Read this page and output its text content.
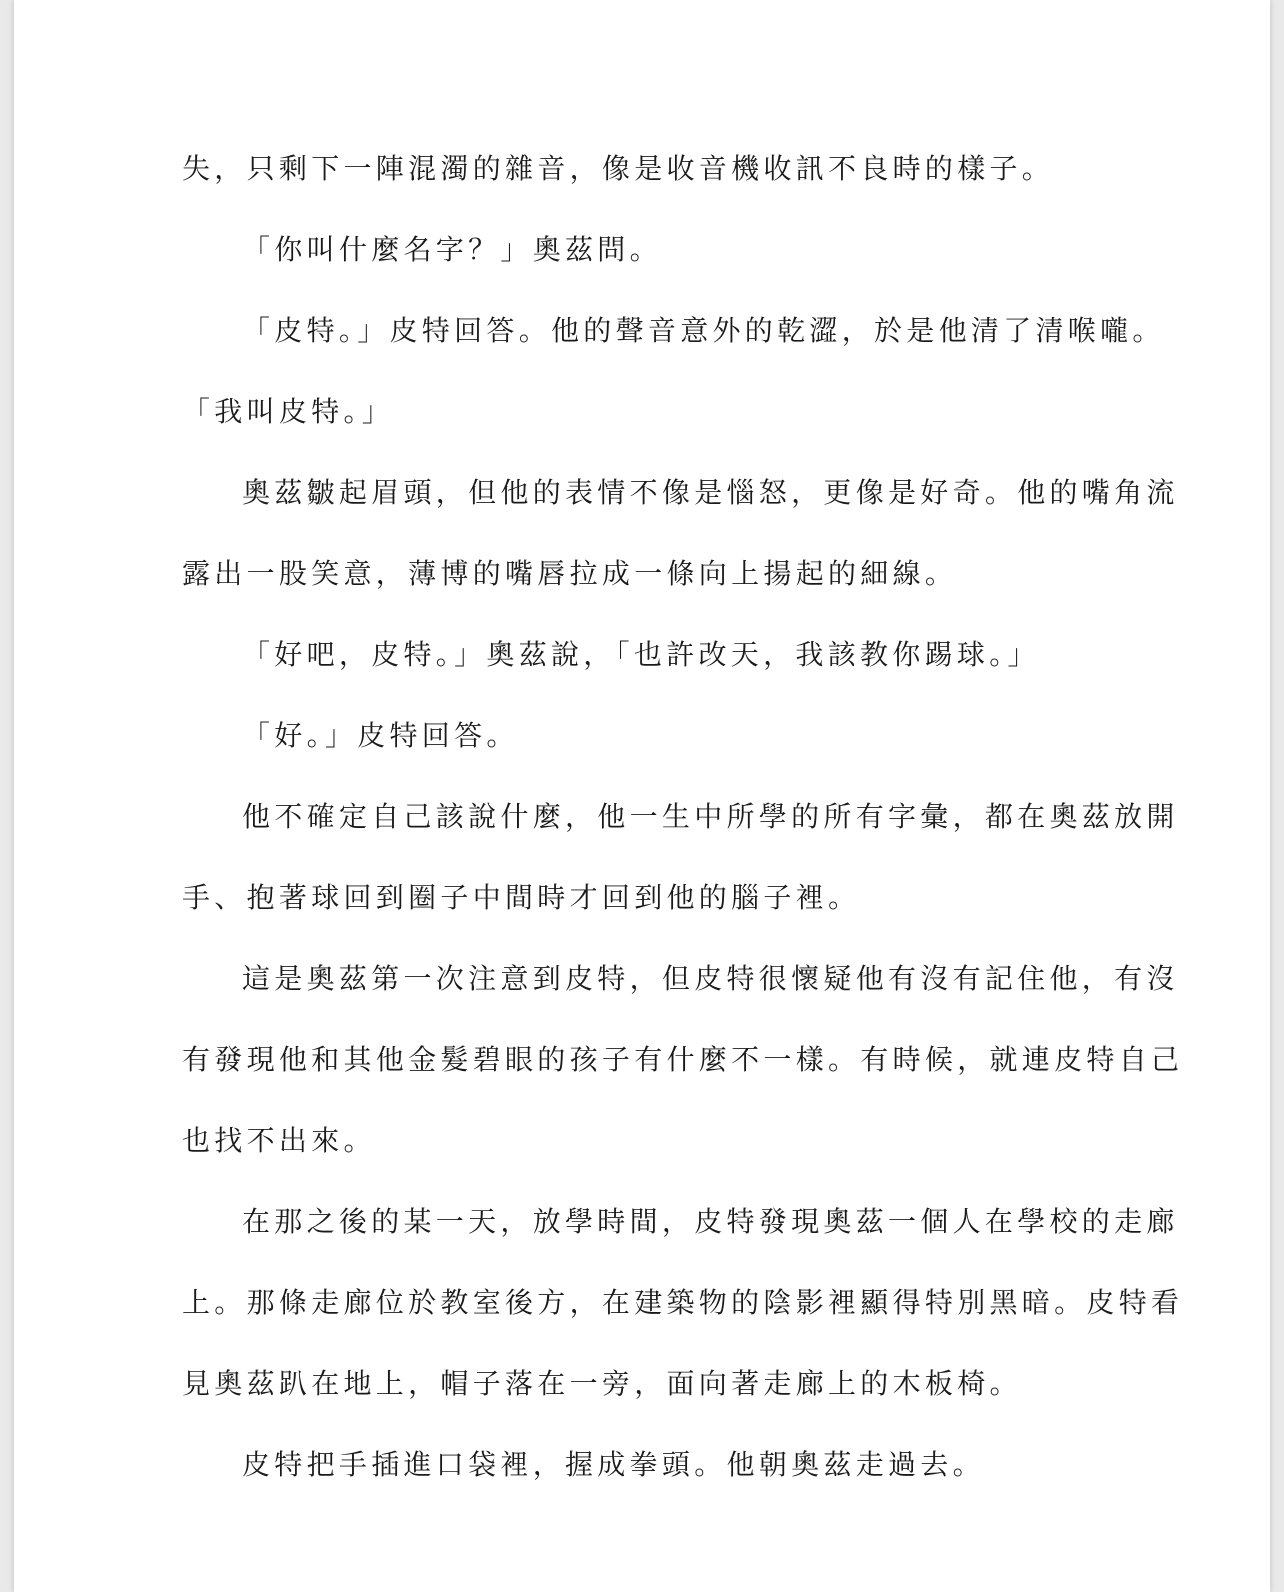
失，只剩下一陣混濁的雜音，像是收音機收訊不良時的樣子。
「你叫什麼名字？」奧茲問。
「皮特。」皮特回答。他的聲音意外的乾澀，於是他清了清喉嚨。
「我叫皮特。」
奧茲皺起眉頭，但他的表情不像是惱怒，更像是好奇。他的嘴角流
露出一股笑意，薄博的嘴唇拉成一條向上揚起的細線。
「好吧，皮特。」奧茲說，「也許改天，我該教你踢球。」
「好。」皮特回答。
他不確定自己該說什麼，他一生中所學的所有字彙，都在奧茲放開
手、抱著球回到圈子中間時才回到他的腦子裡。
這是奧茲第一次注意到皮特，但皮特很懷疑他有沒有記住他，有沒
有發現他和其他金髮碧眼的孩子有什麼不一樣。有時候，就連皮特自己
也找不出來。
在那之後的某一天，放學時間，皮特發現奧茲一個人在學校的走廊
上。那條走廊位於教室後方，在建築物的陰影裡顯得特別黑暗。皮特看
見奧茲趴在地上，帽子落在一旁，面向著走廊上的木板椅。
皮特把手插進口袋裡，握成拳頭。他朝奧茲走過去。
